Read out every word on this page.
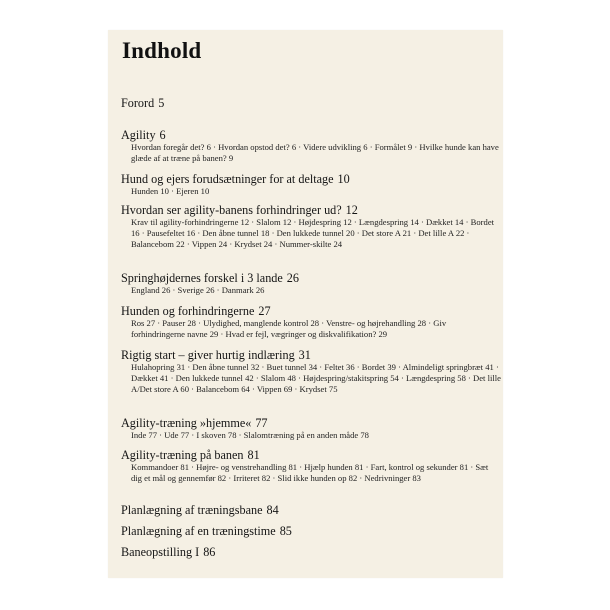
Indhold
Forord 5
Agility 6
Hvordan foregår det? 6 · Hvordan opstod det? 6 · Videre udvikling 6 · Formålet 9 · Hvilke hunde kan have glæde af at træne på banen? 9
Hund og ejers forudsætninger for at deltage 10
Hunden 10 · Ejeren 10
Hvordan ser agility-banens forhindringer ud? 12
Krav til agility-forhindringerne 12 · Slalom 12 · Højdespring 12 · Længdespring 14 · Dækket 14 · Bordet 16 · Pausefeltet 16 · Den åbne tunnel 18 · Den lukkede tunnel 20 · Det store A 21 · Det lille A 22 · Balancebom 22 · Vippen 24 · Krydset 24 · Nummer-skilte 24
Springhøjdernes forskel i 3 lande 26
England 26 · Sverige 26 · Danmark 26
Hunden og forhindringerne 27
Ros 27 · Pauser 28 · Ulydighed, manglende kontrol 28 · Venstre- og højrehandling 28 · Giv forhindringerne navne 29 · Hvad er fejl, vægringer og diskvalifikation? 29
Rigtig start – giver hurtig indlæring 31
Hulahopring 31 · Den åbne tunnel 32 · Buet tunnel 34 · Feltet 36 · Bordet 39 · Almindeligt springbræt 41 · Dækket 41 · Den lukkede tunnel 42 · Slalom 48 · Højdespring/stakitspring 54 · Længdespring 58 · Det lille A/Det store A 60 · Balancebom 64 · Vippen 69 · Krydset 75
Agility-træning »hjemme« 77
Inde 77 · Ude 77 · I skoven 78 · Slalomtræning på en anden måde 78
Agility-træning på banen 81
Kommandoer 81 · Højre- og venstrehandling 81 · Hjælp hunden 81 · Fart, kontrol og sekunder 81 · Sæt dig et mål og gennemfør 82 · Irriteret 82 · Slid ikke hunden op 82 · Nedrivninger 83
Planlægning af træningsbane 84
Planlægning af en træningstime 85
Baneopstilling I 86
